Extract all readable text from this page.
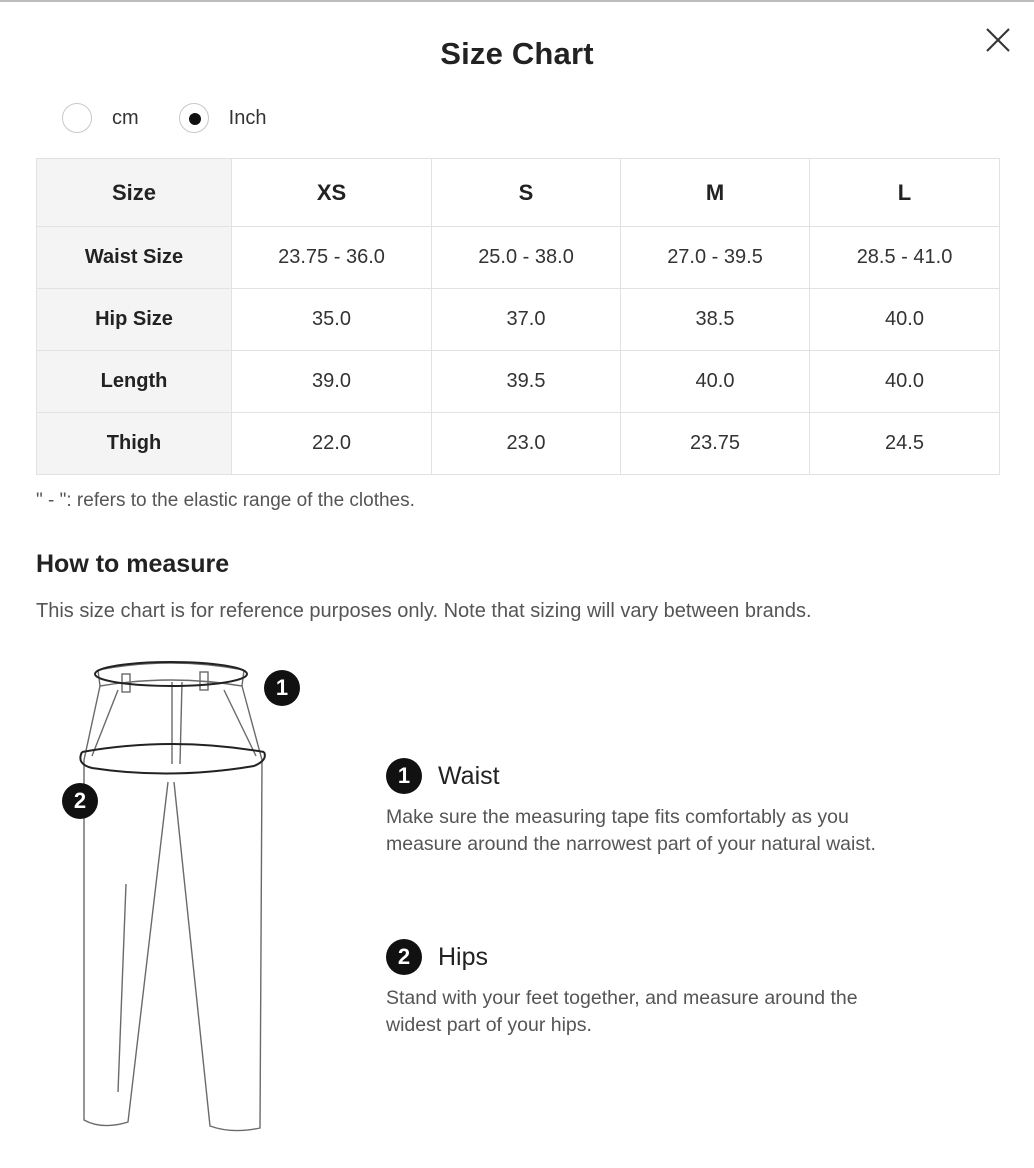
Size Chart
cm	Inch
Size	XS	S	M	L
Waist Size	23.75 - 36.0	25.0 - 38.0	27.0 - 39.5	28.5 - 41.0
Hip Size	35.0	37.0	38.5	40.0
Length	39.0	39.5	40.0	40.0
Thigh	22.0	23.0	23.75	24.5
" - ": refers to the elastic range of the clothes.
How to measure
This size chart is for reference purposes only. Note that sizing will vary between brands.
1
2
1	Waist
Make sure the measuring tape fits comfortably as you
measure around the narrowest part of your natural waist.
2	Hips
Stand with your feet together, and measure around the
widest part of your hips.
